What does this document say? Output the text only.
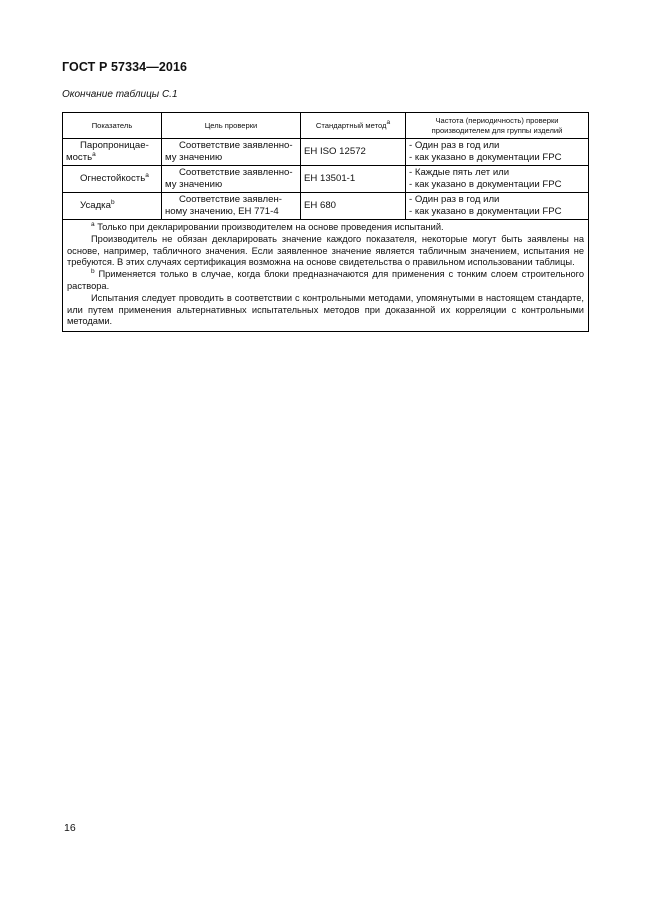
ГОСТ Р 57334—2016
Окончание таблицы С.1
Показатель	Цель проверки	Стандартный метод$^a$	Частота (периодичность) проверки производителем для группы изделий
Паропроницае-мость$^a$	Соответствие заявленно-му значению	ЕН ISO 12572	- Один раз в год или
- как указано в документации FPC

Огнестойкость$^a$	Соответствие заявленно-му значению	ЕН 13501-1	- Каждые пять лет или
- как указано в документации FPC

Усадка$^b$	Соответствие заявлен-ному значению, ЕН 771-4	ЕН 680	- Один раз в год или
- как указано в документации FPC

$^a$ Только при декларировании производителем на основе проведения испытаний.

Производитель не обязан декларировать значение каждого показателя, некоторые могут быть заявлены на основе, например, табличного значения. Если заявленное значение является табличным значением, испытания не требуются. В этих случаях сертификация возможна на основе свидетельства о правильном использовании таблицы.

$^b$ Применяется только в случае, когда блоки предназначаются для применения с тонким слоем строительного раствора.

Испытания следует проводить в соответствии с контрольными методами, упомянутыми в настоящем стандарте, или путем применения альтернативных испытательных методов при доказанной их корреляции с контрольными методами.			

16
